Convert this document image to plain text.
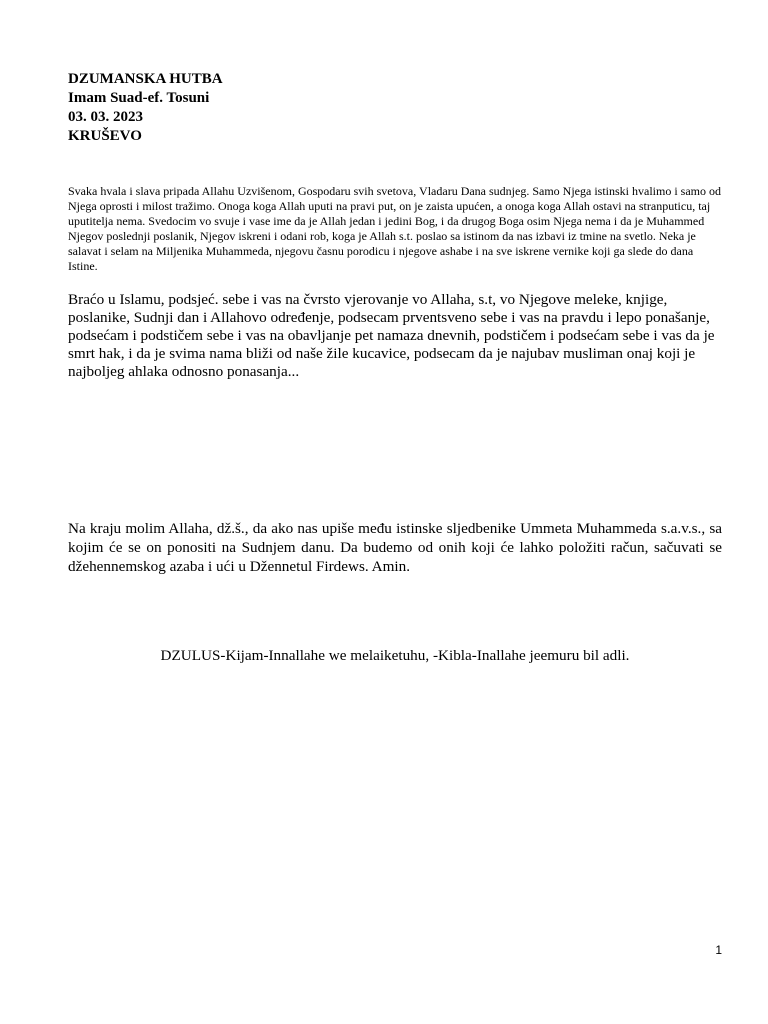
DZUMANSKA HUTBA
Imam Suad-ef. Tosuni
03. 03. 2023
KRUŠEVO

Svaka hvala i slava pripada Allahu Uzvišenom, Gospodaru svih svetova, Vladaru Dana sudnjeg. Samo Njega istinski hvalimo i samo od Njega oprosti i milost tražimo. Onoga koga Allah uputi na pravi put, on je zaista upućen, a onoga koga Allah ostavi na stranputicu, taj uputitelja nema. Svedocim vo svuje i vase ime da je Allah jedan i jedini Bog, i da drugog Boga osim Njega nema i da je Muhammed Njegov poslednji poslanik, Njegov iskreni i odani rob, koga je Allah s.t. poslao sa istinom da nas izbavi iz tmine na svetlo. Neka je salavat i selam na Miljenika Muhammeda, njegovu časnu porodicu i njegove ashabe i na sve iskrene vernike koji ga slede do dana Istine.

Braćo u Islamu, podsjeć. sebe i vas na čvrsto vjerovanje vo Allaha, s.t, vo Njegove meleke, knjige, poslanike, Sudnji dan i Allahovo određenje, podsecam prventsveno sebe i vas na pravdu i lepo ponašanje, podsećam i podstičem sebe i vas na obavljanje pet namaza dnevnih, podstičem i podsećam sebe i vas da je smrt hak, i da je svima nama bliži od naše žile kucavice, podsecam da je najubav musliman onaj koji je najboljeg ahlaka odnosno ponasanja...

Na kraju molim Allaha, dž.š., da ako nas upiše među istinske sljedbenike Ummeta Muhammeda s.a.v.s., sa kojim će se on ponositi na Sudnjem danu. Da budemo od onih koji će lahko položiti račun, sačuvati se džehennemskog azaba i ući u Džennetul Firdews. Amin.

DZULUS-Kijam-Innallahe we melaiketuhu, -Kibla-Inallahe jeemuru bil adli.

1
